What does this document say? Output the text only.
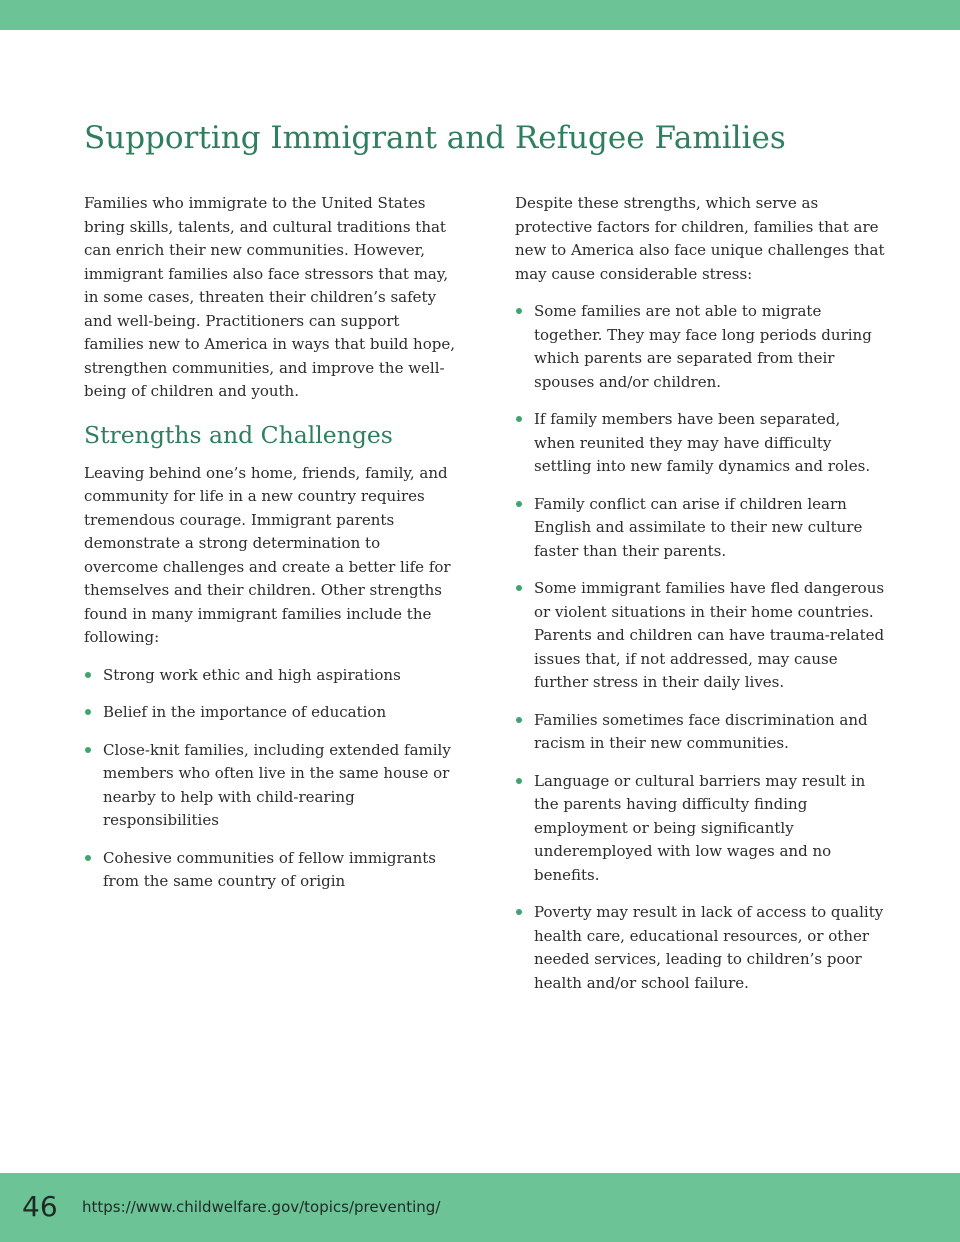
Supporting Immigrant and Refugee Families

Families who immigrate to the United States bring skills, talents, and cultural traditions that can enrich their new communities. However, immigrant families also face stressors that may, in some cases, threaten their children’s safety and well-being. Practitioners can support families new to America in ways that build hope, strengthen communities, and improve the well-being of children and youth.

Strengths and Challenges

Leaving behind one’s home, friends, family, and community for life in a new country requires tremendous courage. Immigrant parents demonstrate a strong determination to overcome challenges and create a better life for themselves and their children. Other strengths found in many immigrant families include the following:

Strong work ethic and high aspirations
Belief in the importance of education
Close-knit families, including extended family members who often live in the same house or nearby to help with child-rearing responsibilities
Cohesive communities of fellow immigrants from the same country of origin

Despite these strengths, which serve as protective factors for children, families that are new to America also face unique challenges that may cause considerable stress:

Some families are not able to migrate together. They may face long periods during which parents are separated from their spouses and/or children.
If family members have been separated, when reunited they may have difficulty settling into new family dynamics and roles.
Family conflict can arise if children learn English and assimilate to their new culture faster than their parents.
Some immigrant families have fled dangerous or violent situations in their home countries. Parents and children can have trauma-related issues that, if not addressed, may cause further stress in their daily lives.
Families sometimes face discrimination and racism in their new communities.
Language or cultural barriers may result in the parents having difficulty finding employment or being significantly underemployed with low wages and no benefits.
Poverty may result in lack of access to quality health care, educational resources, or other needed services, leading to children’s poor health and/or school failure.
46 https://www.childwelfare.gov/topics/preventing/
